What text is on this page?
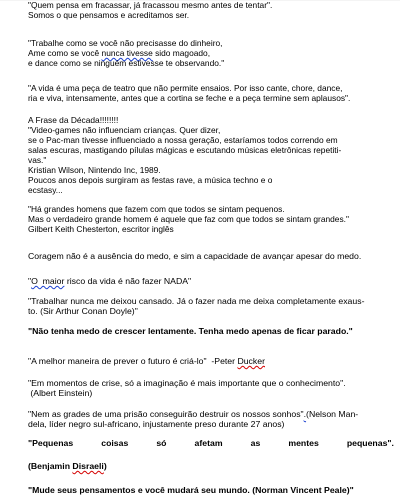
"Quem pensa em fracassar, já fracassou mesmo antes de tentar".
Somos o que pensamos e acreditamos ser.
"Trabalhe como se você não precisasse do dinheiro,
Ame como se você nunca tivesse sido magoado,
e dance como se ninguém estivesse te observando."
"A vida é uma peça de teatro que não permite ensaios. Por isso cante, chore, dance,
ria e viva, intensamente, antes que a cortina se feche e a peça termine sem aplausos".
A Frase da Década!!!!!!!!
"Video-games não influenciam crianças. Quer dizer,
se o Pac-man tivesse influenciado a nossa geração, estaríamos todos correndo em
salas escuras, mastigando pílulas mágicas e escutando músicas eletrônicas repetiti-
vas."
Kristian Wilson, Nintendo Inc, 1989.
Poucos anos depois surgiram as festas rave, a música techno e o
ecstasy...
"Há grandes homens que fazem com que todos se sintam pequenos.
Mas o verdadeiro grande homem é aquele que faz com que todos se sintam grandes."
Gilbert Keith Chesterton, escritor inglês
Coragem não é a ausência do medo, e sim a capacidade de avançar apesar do medo.
"O  maior risco da vida é não fazer NADA"
"Trabalhar nunca me deixou cansado. Já o fazer nada me deixa completamente exaus-
to. (Sir Arthur Conan Doyle)"
"Não tenha medo de crescer lentamente. Tenha medo apenas de ficar parado."
"A melhor maneira de prever o futuro é criá-lo"  -Peter Ducker
"Em momentos de crise, só a imaginação é mais importante que o conhecimento".
(Albert Einstein)
"Nem as grades de uma prisão conseguirão destruir os nossos sonhos".(Nelson Man-
dela, líder negro sul-africano, injustamente preso durante 27 anos)
"Pequenas	coisas	só	afetam	as	mentes	pequenas".
(Benjamin Disraeli)
"Mude seus pensamentos e você mudará seu mundo. (Norman Vincent Peale)"
